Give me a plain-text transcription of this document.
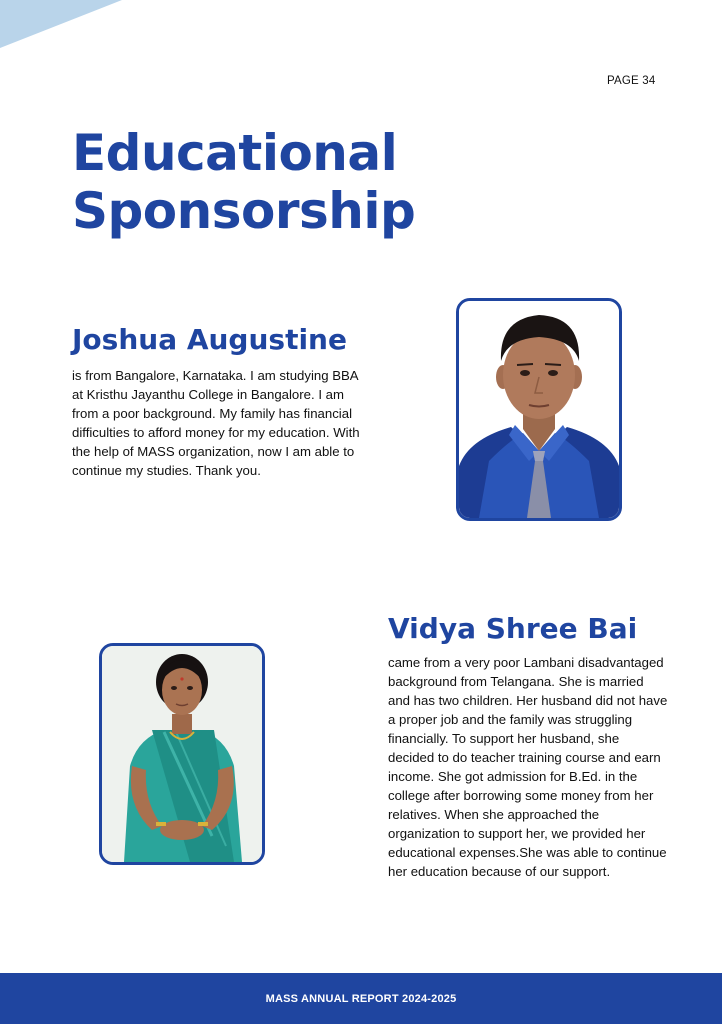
PAGE 34
Educational
Sponsorship
Joshua Augustine

is from Bangalore, Karnataka. I am studying BBA at Kristhu Jayanthu College in Bangalore. I am from a poor background. My family has financial difficulties to afford money for my education. With the help of MASS organization, now I am able to continue my studies. Thank you.

Vidya Shree Bai

came from a very poor Lambani disadvantaged background from Telangana. She is married and has two children. Her husband did not have a proper job and the family was struggling financially. To support her husband, she decided to do teacher training course and earn income. She got admission for B.Ed. in the college after borrowing some money from her relatives. When she approached the organization to support her, we provided her educational expenses.She was able to continue her education because of our support.

MASS ANNUAL REPORT 2024-2025
